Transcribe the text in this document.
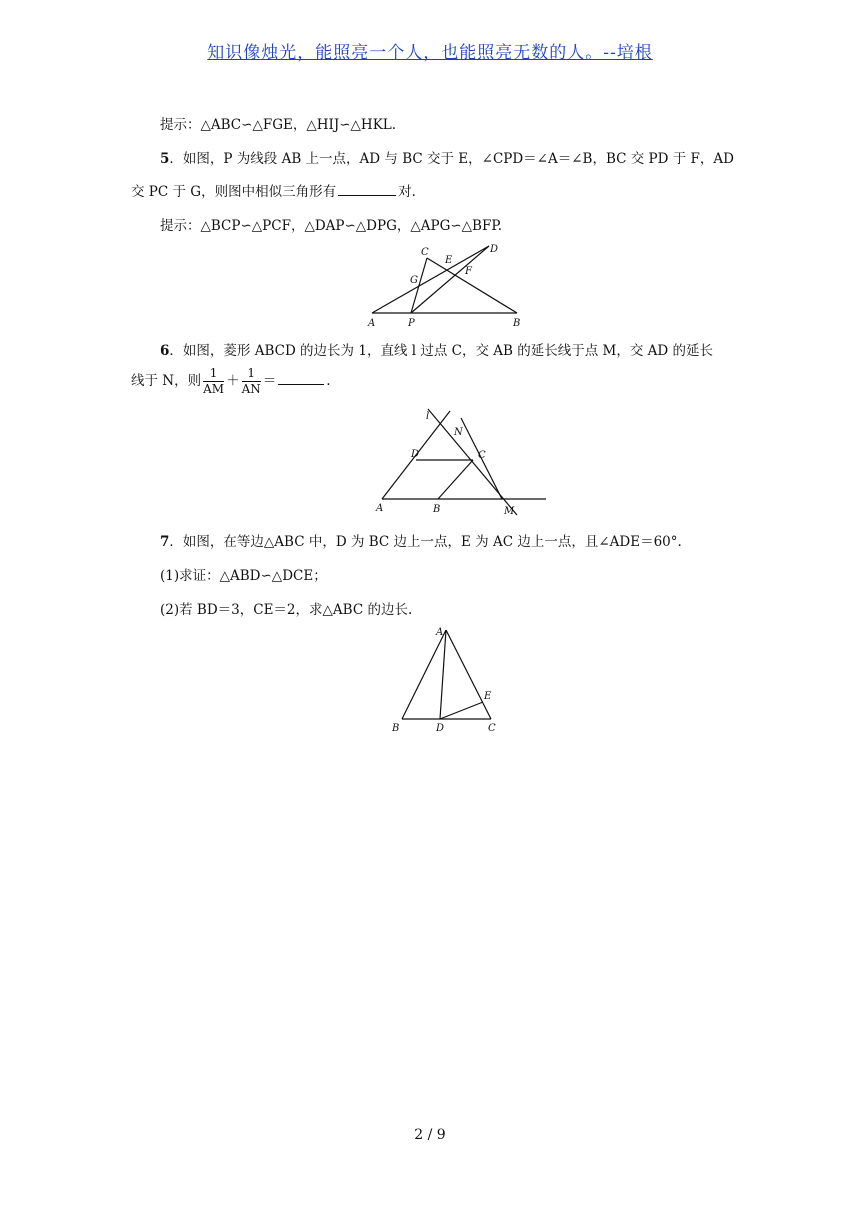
知识像烛光，能照亮一个人，也能照亮无数的人。--培根
提示：△ABC∽△FGE，△HIJ∽△HKL.
5．如图，P 为线段 AB 上一点，AD 与 BC 交于 E，∠CPD＝∠A＝∠B，BC 交 PD 于 F，AD
交 PC 于 G，则图中相似三角形有	对.
提示：△BCP∽△PCF，△DAP∽△DPG，△APG∽△BFP.
A	P	B
C	D
E
F
G
6．如图，菱形 ABCD 的边长为 1，直线 l 过点 C，交 AB 的延长线于点 M，交 AD 的延长
线于 N，则 $\frac{1}{AM} + \frac{1}{AN}$ ＝	.
l
N
D	C
A	B	M
7．如图，在等边△ABC 中，D 为 BC 边上一点，E 为 AC 边上一点，且∠ADE＝60°.
(1)求证：△ABD∽△DCE；
(2)若 BD＝3，CE＝2，求△ABC 的边长.
A
B	D	C
E
2 / 9
